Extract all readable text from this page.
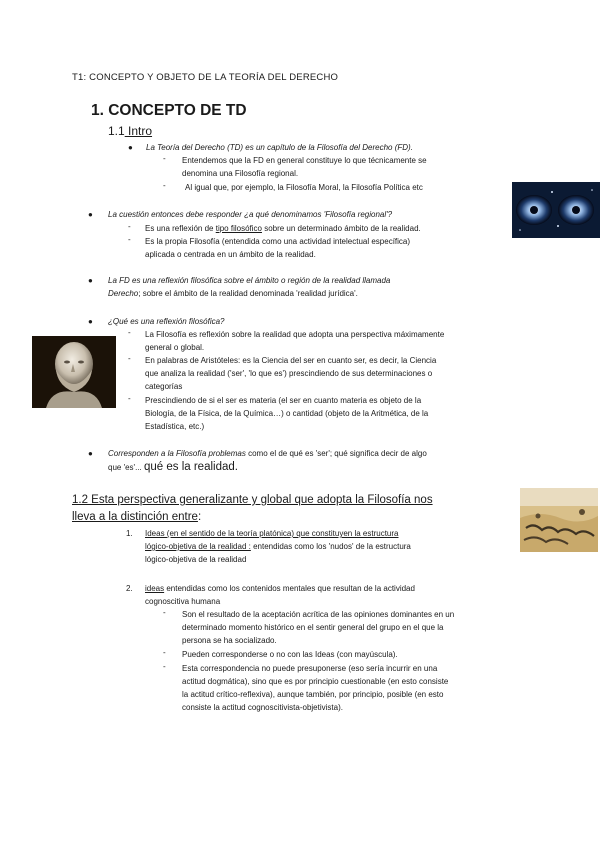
T1: CONCEPTO Y OBJETO DE LA TEORÍA DEL DERECHO
1. CONCEPTO DE TD
1.1 Intro
● La Teoría del Derecho (TD) es un capítulo de la Filosofía del Derecho (FD).
- Entendemos que la FD en general constituye lo que técnicamente se
denomina una Filosofía regional.
- Al igual que, por ejemplo, la Filosofía Moral, la Filosofía Política etc
● La cuestión entonces debe responder ¿a qué denominamos 'Filosofía regional'?
- Es una reflexión de tipo filosófico sobre un determinado ámbito de la realidad.
- Es la propia Filosofía (entendida como una actividad intelectual específica)
aplicada o centrada en un ámbito de la realidad.
● La FD es una reflexión filosófica sobre el ámbito o región de la realidad llamada
Derecho; sobre el ámbito de la realidad denominada 'realidad jurídica'.
● ¿Qué es una reflexión filosófica?
- La Filosofía es reflexión sobre la realidad que adopta una perspectiva máximamente
general o global.
- En palabras de Aristóteles: es la Ciencia del ser en cuanto ser, es decir, la Ciencia
que analiza la realidad ('ser', 'lo que es') prescindiendo de sus determinaciones o
categorías
- Prescindiendo de si el ser es materia (el ser en cuanto materia es objeto de la
Biología, de la Física, de la Química…) o cantidad (objeto de la Aritmética, de la
Estadística, etc.)
● Corresponden a la Filosofía problemas como el de qué es 'ser'; qué significa decir de algo
que 'es'... qué es la realidad.
1.2 Esta perspectiva generalizante y global que adopta la Filosofía nos
lleva a la distinción entre:
1. Ideas (en el sentido de la teoría platónica) que constituyen la estructura
lógico-objetiva de la realidad : entendidas como los 'nudos' de la estructura
lógico-objetiva de la realidad
2. ideas entendidas como los contenidos mentales que resultan de la actividad
cognoscitiva humana
- Son el resultado de la aceptación acrítica de las opiniones dominantes en un
determinado momento histórico en el sentir general del grupo en el que la
persona se ha socializado.
- Pueden corresponderse o no con las Ideas (con mayúscula).
- Esta correspondencia no puede presuponerse (eso sería incurrir en una
actitud dogmática), sino que es por principio cuestionable (en esto consiste
la actitud crítico-reflexiva), aunque también, por principio, posible (en esto
consiste la actitud cognoscitivista-objetivista).
